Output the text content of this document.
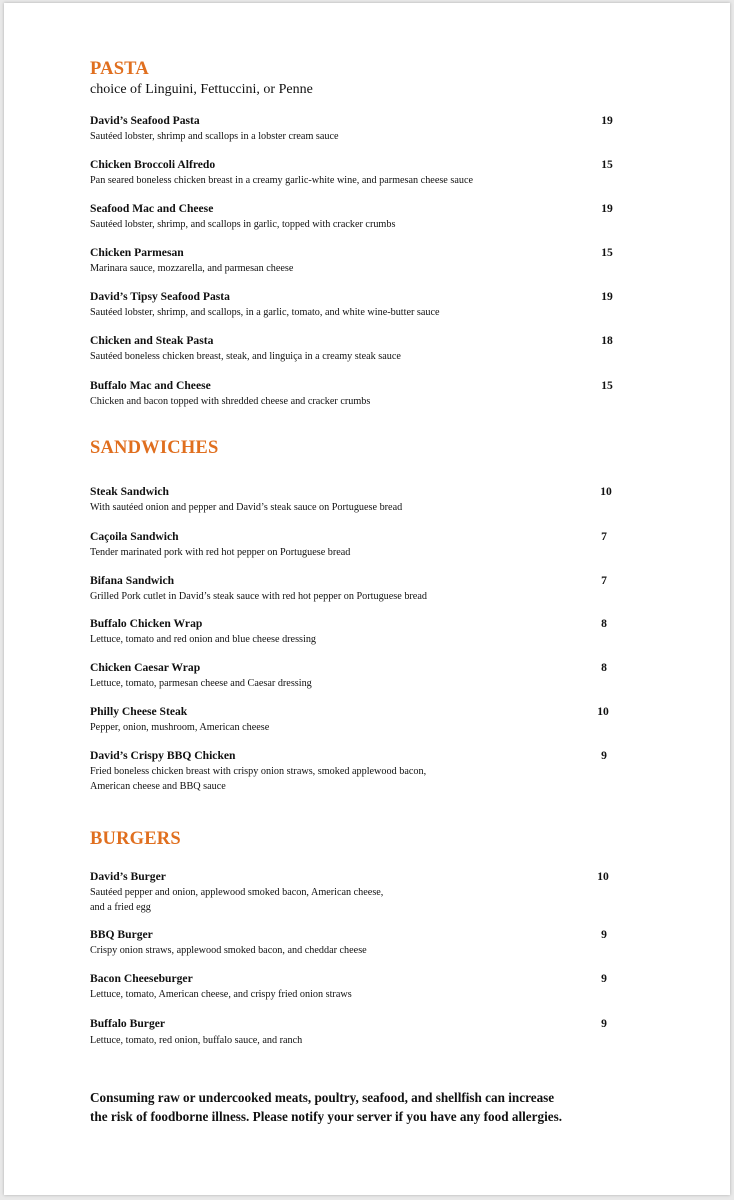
PASTA
choice of Linguini, Fettuccini, or Penne
David’s Seafood Pasta	19
Sautéed lobster, shrimp and scallops in a lobster cream sauce
Chicken Broccoli Alfredo	15
Pan seared boneless chicken breast in a creamy garlic-white wine, and parmesan cheese sauce
Seafood Mac and Cheese	19
Sautéed lobster, shrimp, and scallops in garlic, topped with cracker crumbs
Chicken Parmesan	15
Marinara sauce, mozzarella, and parmesan cheese
David’s Tipsy Seafood Pasta	19
Sautéed lobster, shrimp, and scallops, in a garlic, tomato, and white wine-butter sauce
Chicken and Steak Pasta	18
Sautéed boneless chicken breast, steak, and linguiça in a creamy steak sauce
Buffalo Mac and Cheese	15
Chicken and bacon topped with shredded cheese and cracker crumbs
SANDWICHES
Steak Sandwich	10
With sautéed onion and pepper and David’s steak sauce on Portuguese bread
Caçoila Sandwich	7
Tender marinated pork with red hot pepper on Portuguese bread
Bifana Sandwich	7
Grilled Pork cutlet in David’s steak sauce with red hot pepper on Portuguese bread
Buffalo Chicken Wrap	8
Lettuce, tomato and red onion and blue cheese dressing
Chicken Caesar Wrap	8
Lettuce, tomato, parmesan cheese and Caesar dressing
Philly Cheese Steak	10
Pepper, onion, mushroom, American cheese
David’s Crispy BBQ Chicken	9
Fried boneless chicken breast with crispy onion straws, smoked applewood bacon,
American cheese and BBQ sauce
BURGERS
David’s Burger	10
Sautéed pepper and onion, applewood smoked bacon, American cheese,
and a fried egg
BBQ Burger	9
Crispy onion straws, applewood smoked bacon, and cheddar cheese
Bacon Cheeseburger	9
Lettuce, tomato, American cheese, and crispy fried onion straws
Buffalo Burger	9
Lettuce, tomato, red onion, buffalo sauce, and ranch
Consuming raw or undercooked meats, poultry, seafood, and shellfish can increase
the risk of foodborne illness. Please notify your server if you have any food allergies.
